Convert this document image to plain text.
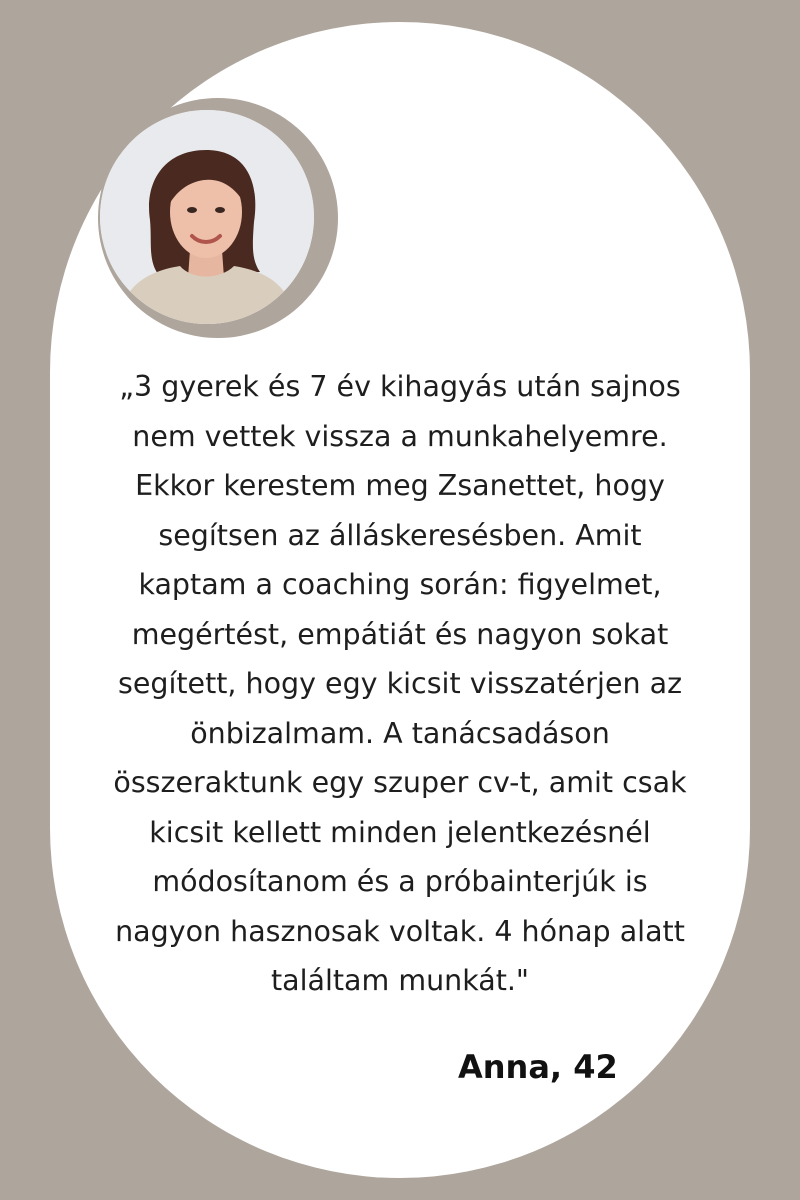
„3 gyerek és 7 év kihagyás után sajnos
nem vettek vissza a munkahelyemre.
Ekkor kerestem meg Zsanettet, hogy
segítsen az álláskeresésben. Amit
kaptam a coaching során: figyelmet,
megértést, empátiát és nagyon sokat
segített, hogy egy kicsit visszatérjen az
önbizalmam. A tanácsadáson
összeraktunk egy szuper cv-t, amit csak
kicsit kellett minden jelentkezésnél
módosítanom és a próbainterjúk is
nagyon hasznosak voltak. 4 hónap alatt
találtam munkát."

Anna, 42
